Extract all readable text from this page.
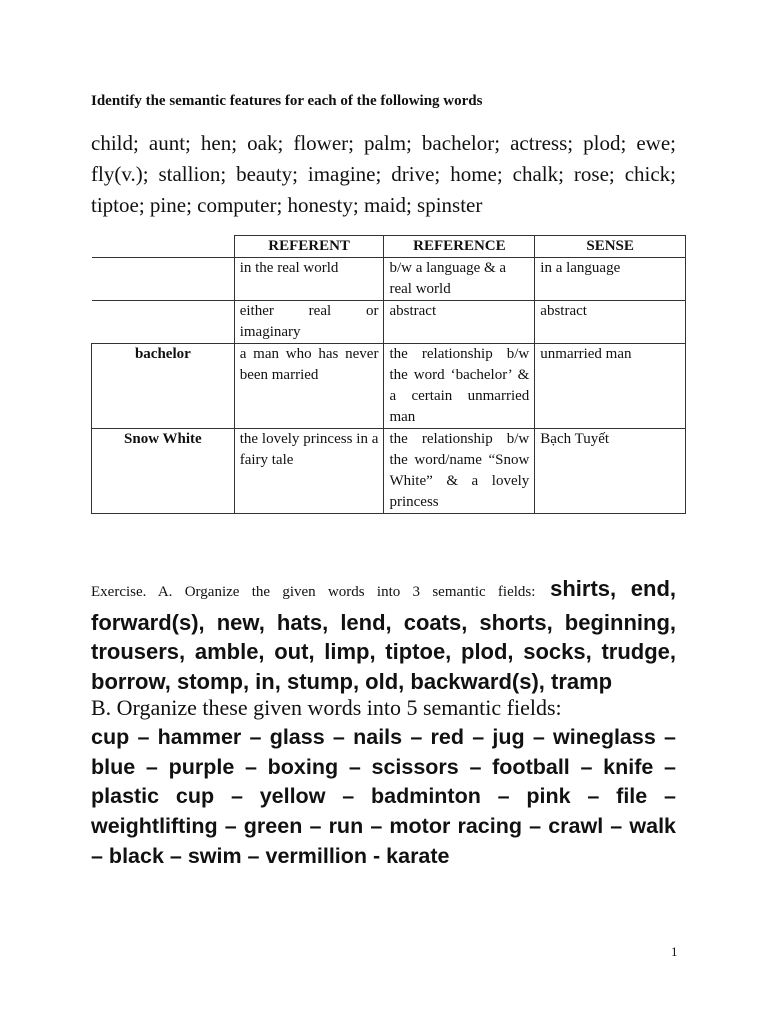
Identify the semantic features for each of the following words

child; aunt; hen; oak; flower; palm; bachelor; actress; plod; ewe; fly(v.); stallion; beauty; imagine; drive; home; chalk; rose; chick; tiptoe; pine; computer; honesty; maid; spinster

	REFERENT	REFERENCE	SENSE
	in the real world	b/w a language & a real world	in a language
	either real or imaginary	abstract	abstract
bachelor	a man who has never been married	the relationship b/w the word ‘bachelor’ & a certain unmarried man	unmarried man
Snow White	the lovely princess in a fairy tale	the relationship b/w the word/name “Snow White” & a lovely princess	Bạch Tuyết

Exercise. A. Organize the given words into 3 semantic fields: shirts, end, forward(s), new, hats, lend, coats, shorts, beginning, trousers, amble, out, limp, tiptoe, plod, socks, trudge, borrow, stomp, in, stump, old, backward(s), tramp

B. Organize these given words into 5 semantic fields:

cup – hammer – glass – nails – red – jug – wineglass – blue – purple – boxing – scissors – football – knife – plastic cup – yellow – badminton – pink – file – weightlifting – green – run – motor racing – crawl – walk – black – swim – vermillion - karate

1
